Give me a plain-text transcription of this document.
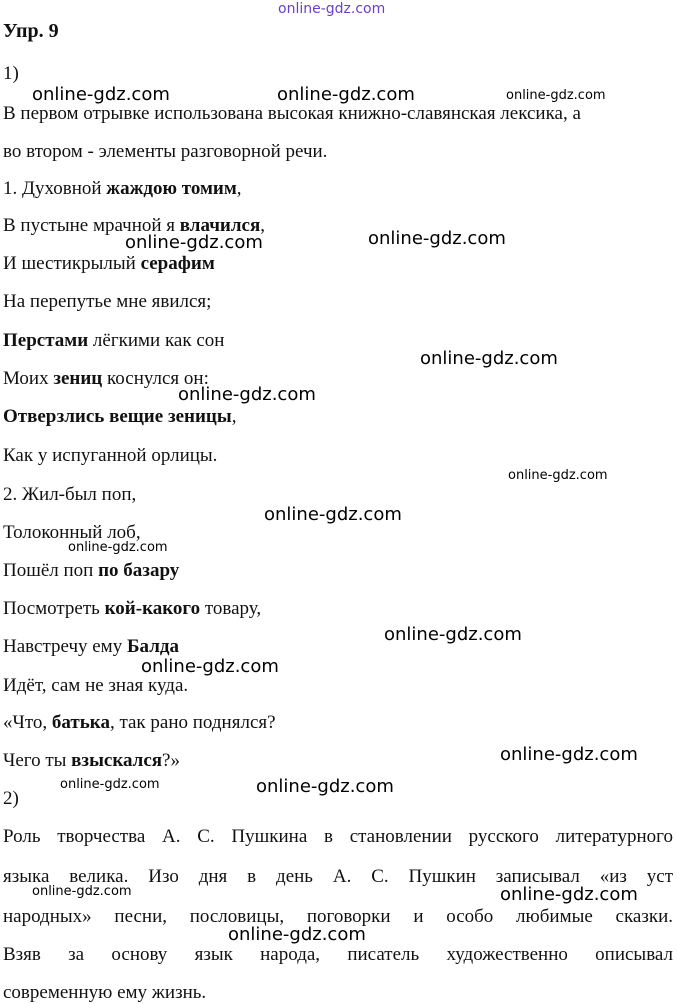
online-gdz.com
Упр. 9
1)
В первом отрывке использована высокая книжно-славянская лексика, а
во втором - элементы разговорной речи.
1. Духовной жаждою томим,
В пустыне мрачной я влачился,
И шестикрылый серафим
На перепутье мне явился;
Перстами лёгкими как сон
Моих зениц коснулся он:
Отверзлись вещие зеницы,
Как у испуганной орлицы.
2. Жил-был поп,
Толоконный лоб,
Пошёл поп по базару
Посмотреть кой-какого товару,
Навстречу ему Балда
Идёт, сам не зная куда.
«Что, батька, так рано поднялся?
Чего ты взыскался?»
2)
Роль творчества А. С. Пушкина в становлении русского литературного
языка велика. Изо дня в день А. С. Пушкин записывал «из уст
народных» песни, пословицы, поговорки и особо любимые сказки.
Взяв за основу язык народа, писатель художественно описывал
современную ему жизнь.
online-gdz.com	online-gdz.com	online-gdz.com
online-gdz.com	online-gdz.com
online-gdz.com
online-gdz.com
online-gdz.com
online-gdz.com
online-gdz.com
online-gdz.com
online-gdz.com
online-gdz.com
online-gdz.com	online-gdz.com
online-gdz.com	online-gdz.com
online-gdz.com
